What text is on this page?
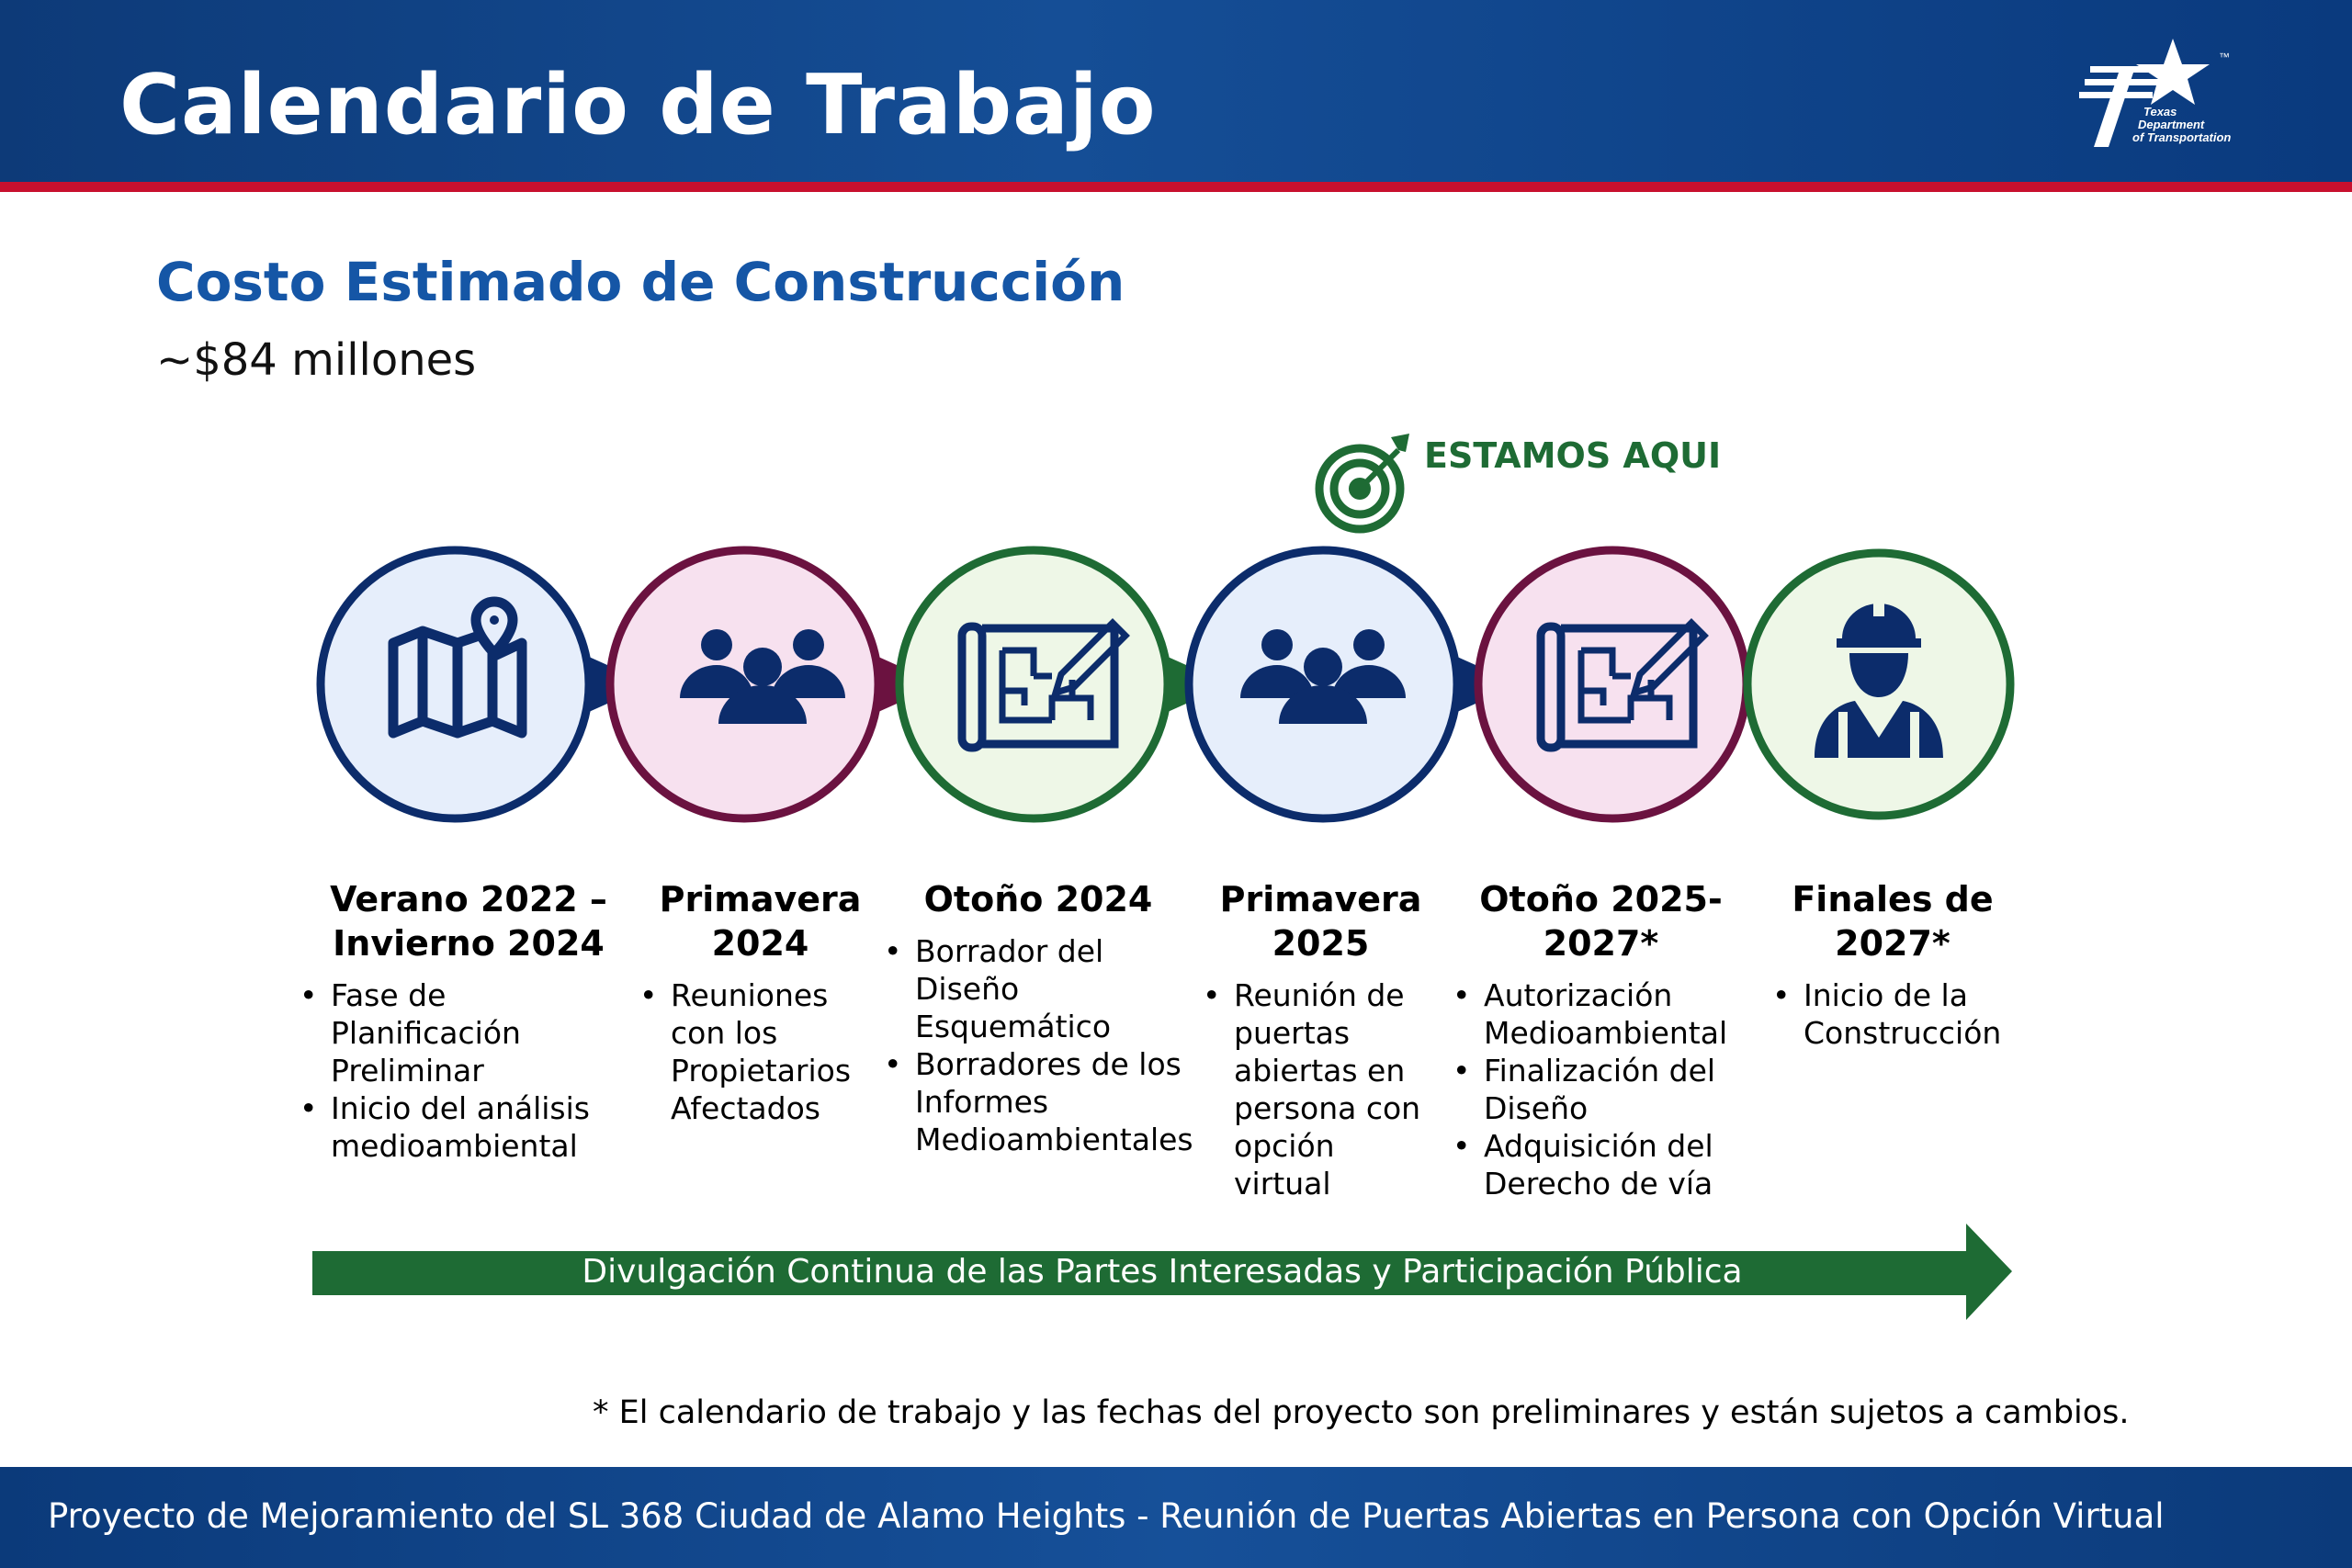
Calendario de Trabajo	Texas
Department
of Transportation
™
Costo Estimado de Construcción
~$84 millones
ESTAMOS AQUI
Verano 2022 –
Invierno 2024
• Fase de Planificación Preliminar
• Inicio del análisis medioambiental
Primavera
2024
• Reuniones con los Propietarios Afectados
Otoño 2024
• Borrador del Diseño Esquemático
• Borradores de los Informes Medioambientales
Primavera
2025
• Reunión de puertas abiertas en persona con opción virtual
Otoño 2025-
2027*
• Autorización Medioambiental
• Finalización del Diseño
• Adquisición del Derecho de vía
Finales de
2027*
• Inicio de la Construcción
Divulgación Continua de las Partes Interesadas y Participación Pública
* El calendario de trabajo y las fechas del proyecto son preliminares y están sujetos a cambios.
Proyecto de Mejoramiento del SL 368 Ciudad de Alamo Heights - Reunión de Puertas Abiertas en Persona con Opción Virtual
